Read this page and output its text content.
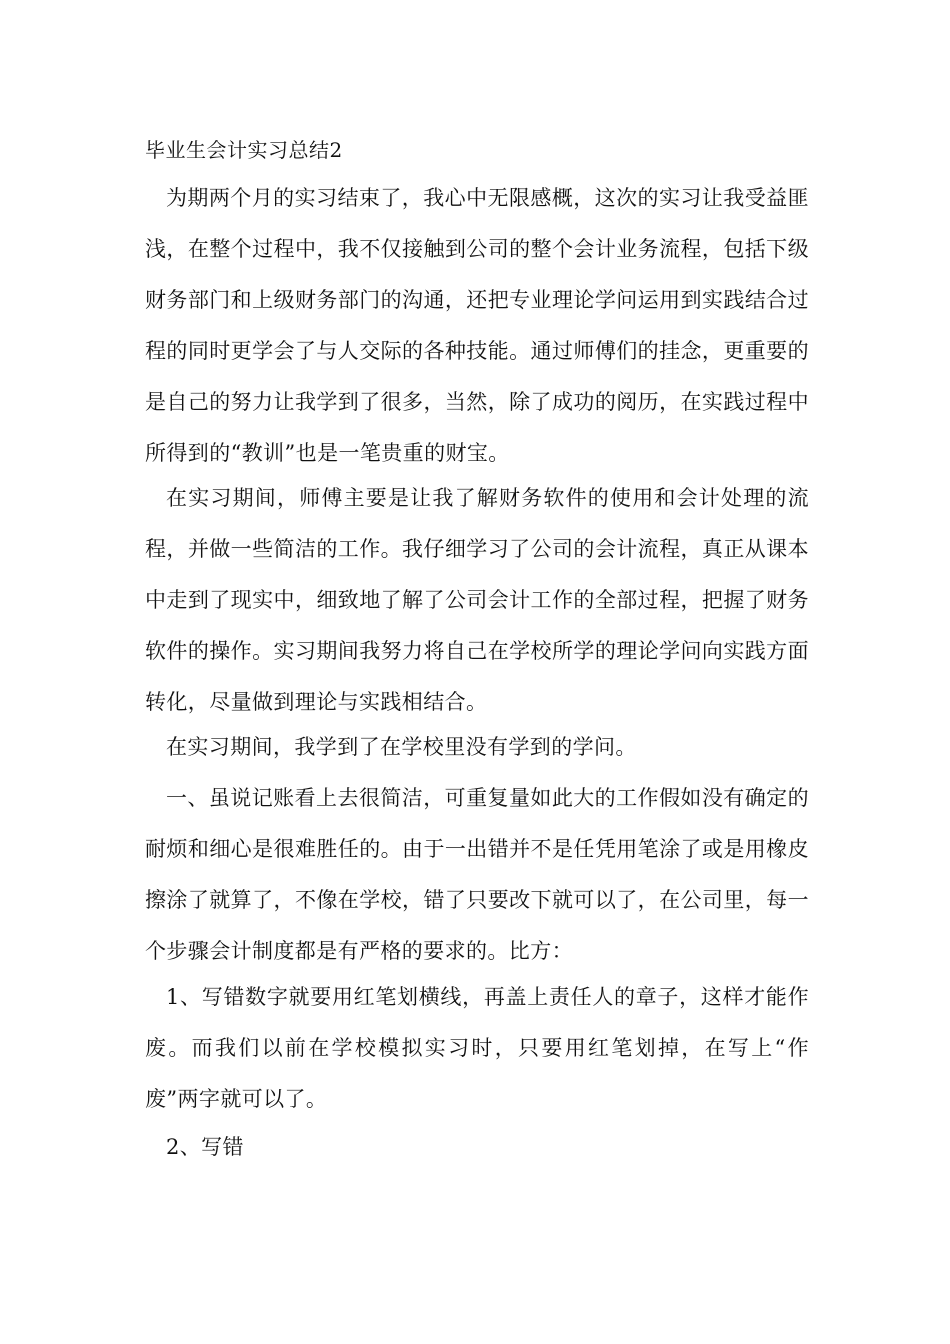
毕业生会计实习总结2

为期两个月的实习结束了，我心中无限感概，这次的实习让我受益匪浅，在整个过程中，我不仅接触到公司的整个会计业务流程，包括下级财务部门和上级财务部门的沟通，还把专业理论学问运用到实践结合过程的同时更学会了与人交际的各种技能。通过师傅们的挂念，更重要的是自己的努力让我学到了很多，当然，除了成功的阅历，在实践过程中所得到的“教训”也是一笔贵重的财宝。

在实习期间，师傅主要是让我了解财务软件的使用和会计处理的流程，并做一些简洁的工作。我仔细学习了公司的会计流程，真正从课本中走到了现实中，细致地了解了公司会计工作的全部过程，把握了财务软件的操作。实习期间我努力将自己在学校所学的理论学问向实践方面转化，尽量做到理论与实践相结合。

在实习期间，我学到了在学校里没有学到的学问。

一、虽说记账看上去很简洁，可重复量如此大的工作假如没有确定的耐烦和细心是很难胜任的。由于一出错并不是任凭用笔涂了或是用橡皮擦涂了就算了，不像在学校，错了只要改下就可以了，在公司里，每一个步骤会计制度都是有严格的要求的。比方：

1、写错数字就要用红笔划横线，再盖上责任人的章子，这样才能作废。而我们以前在学校模拟实习时，只要用红笔划掉，在写上“作废”两字就可以了。

2、写错
